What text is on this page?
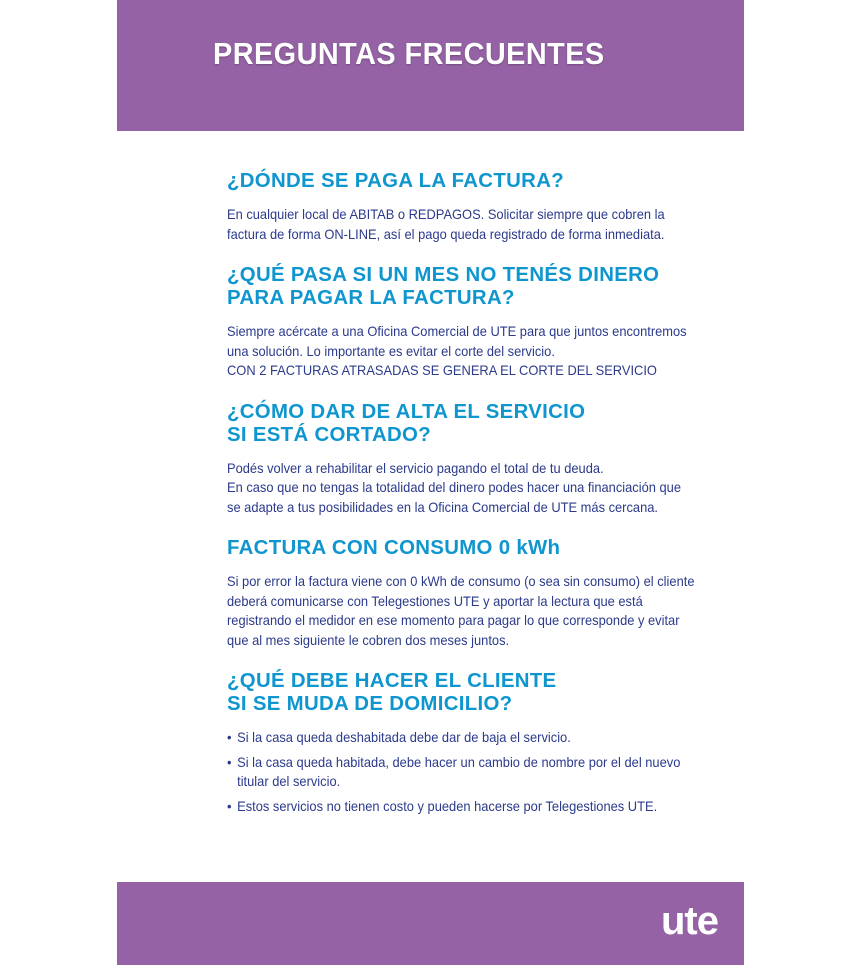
PREGUNTAS FRECUENTES
¿DÓNDE SE PAGA LA FACTURA?

En cualquier local de ABITAB o REDPAGOS. Solicitar siempre que cobren la factura de forma ON-LINE, así el pago queda registrado de forma inmediata.

¿QUÉ PASA SI UN MES NO TENÉS DINERO
PARA PAGAR LA FACTURA?

Siempre acércate a una Oficina Comercial de UTE para que juntos encontremos una solución. Lo importante es evitar el corte del servicio.

CON 2 FACTURAS ATRASADAS SE GENERA EL CORTE DEL SERVICIO

¿CÓMO DAR DE ALTA EL SERVICIO
SI ESTÁ CORTADO?

Podés volver a rehabilitar el servicio pagando el total de tu deuda.

En caso que no tengas la totalidad del dinero podes hacer una financiación que se adapte a tus posibilidades en la Oficina Comercial de UTE más cercana.

FACTURA CON CONSUMO 0 kWh

Si por error la factura viene con 0 kWh de consumo (o sea sin consumo) el cliente deberá comunicarse con Telegestiones UTE y aportar la lectura que está registrando el medidor en ese momento para pagar lo que corresponde y evitar que al mes siguiente le cobren dos meses juntos.

¿QUÉ DEBE HACER EL CLIENTE
SI SE MUDA DE DOMICILIO?
• Si la casa queda deshabitada debe dar de baja el servicio.
• Si la casa queda habitada, debe hacer un cambio de nombre por el del nuevo titular del servicio.
• Estos servicios no tienen costo y pueden hacerse por Telegestiones UTE.
ute
